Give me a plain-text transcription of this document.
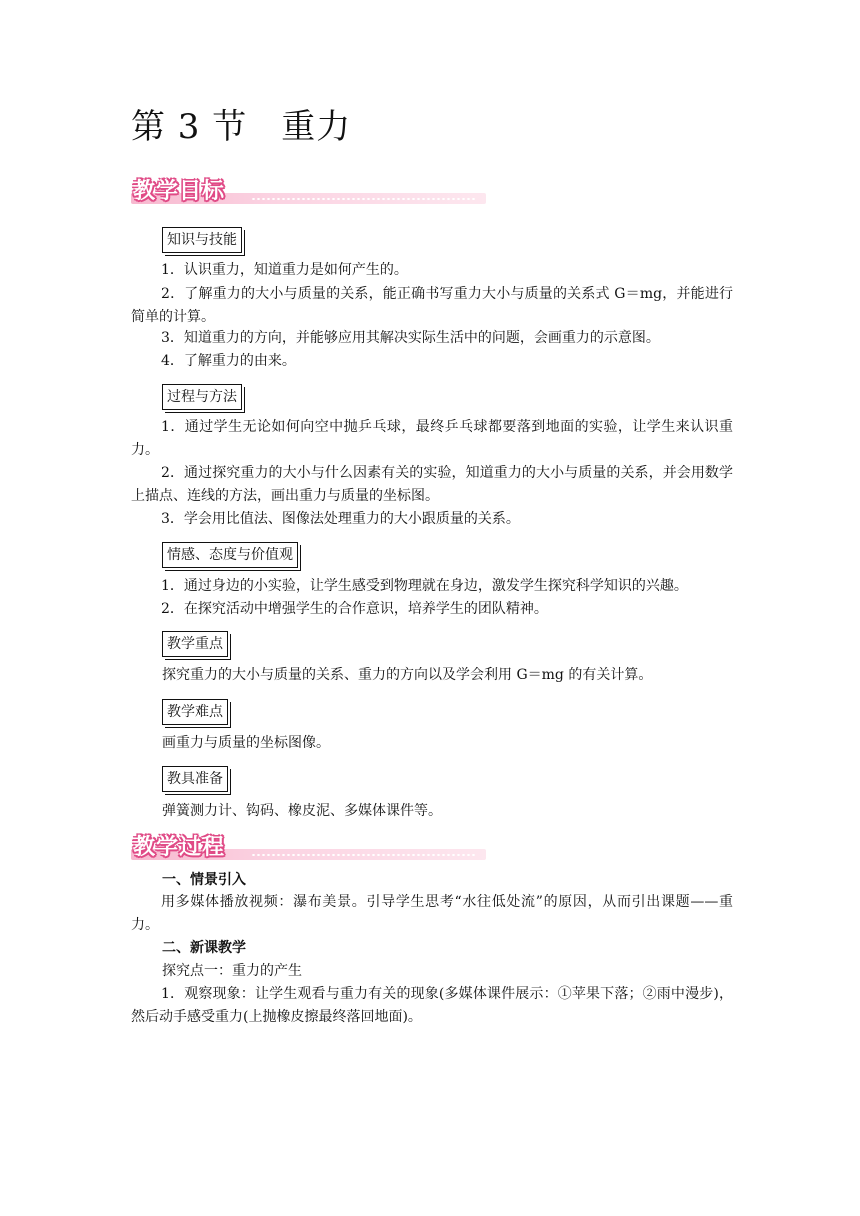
第 3 节 重力
教学目标
知识与技能
1．认识重力，知道重力是如何产生的。
2．了解重力的大小与质量的关系，能正确书写重力大小与质量的关系式 G＝mg，并能进行简单的计算。
3．知道重力的方向，并能够应用其解决实际生活中的问题，会画重力的示意图。
4．了解重力的由来。
过程与方法
1．通过学生无论如何向空中抛乒乓球，最终乒乓球都要落到地面的实验，让学生来认识重力。
2．通过探究重力的大小与什么因素有关的实验，知道重力的大小与质量的关系，并会用数学上描点、连线的方法，画出重力与质量的坐标图。
3．学会用比值法、图像法处理重力的大小跟质量的关系。
情感、态度与价值观
1．通过身边的小实验，让学生感受到物理就在身边，激发学生探究科学知识的兴趣。
2．在探究活动中增强学生的合作意识，培养学生的团队精神。
教学重点
探究重力的大小与质量的关系、重力的方向以及学会利用 G＝mg 的有关计算。
教学难点
画重力与质量的坐标图像。
教具准备
弹簧测力计、钩码、橡皮泥、多媒体课件等。
教学过程
一、情景引入
用多媒体播放视频：瀑布美景。引导学生思考“水往低处流”的原因，从而引出课题——重力。
二、新课教学
探究点一：重力的产生
1．观察现象：让学生观看与重力有关的现象(多媒体课件展示：①苹果下落；②雨中漫步)，然后动手感受重力(上抛橡皮擦最终落回地面)。
